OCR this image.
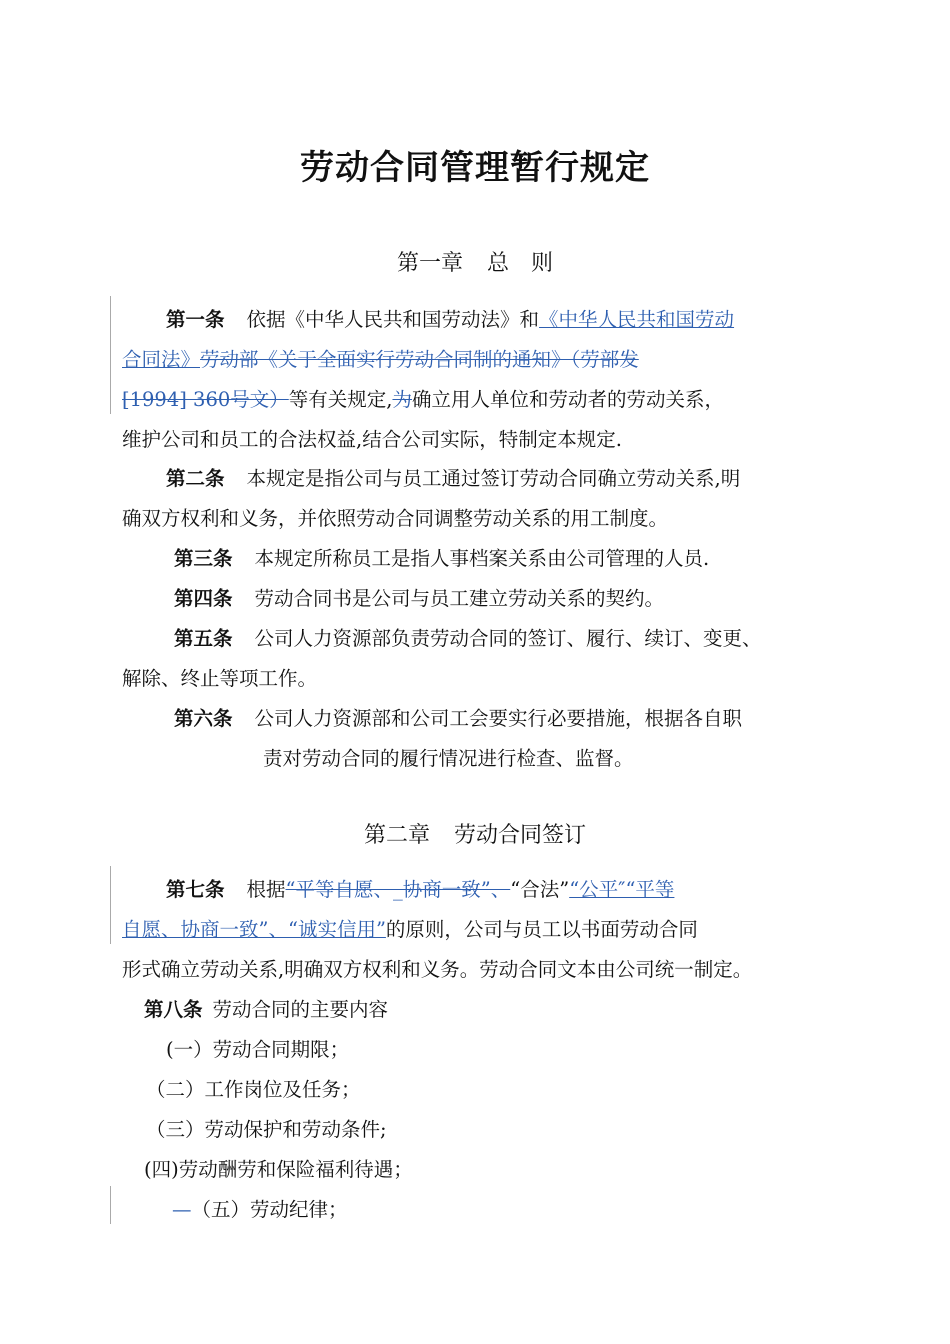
劳动合同管理暂行规定
第一章 总　则
第一条 依据《中华人民共和国劳动法》和《中华人民共和国劳动
合同法》劳动部《关于全面实行劳动合同制的通知》（劳部发
[1994] 360号文）等有关规定,为确立用人单位和劳动者的劳动关系，
维护公司和员工的合法权益,结合公司实际，特制定本规定.
第二条 本规定是指公司与员工通过签订劳动合同确立劳动关系,明
确双方权利和义务，并依照劳动合同调整劳动关系的用工制度。
第三条 本规定所称员工是指人事档案关系由公司管理的人员.
第四条 劳动合同书是公司与员工建立劳动关系的契约。
第五条 公司人力资源部负责劳动合同的签订、履行、续订、变更、
解除、终止等项工作。
第六条 公司人力资源部和公司工会要实行必要措施，根据各自职
责对劳动合同的履行情况进行检查、监督。
第二章 劳动合同签订
第七条 根据“平等自愿、_协商一致”、“合法”“公平″“平等
自愿、协商一致”、“诚实信用”的原则，公司与员工以书面劳动合同
形式确立劳动关系,明确双方权利和义务。劳动合同文本由公司统一制定。
第八条 劳动合同的主要内容
(一）劳动合同期限；
（二）工作岗位及任务；
（三）劳动保护和劳动条件;
(四)劳动酬劳和保险福利待遇；
—（五）劳动纪律；
